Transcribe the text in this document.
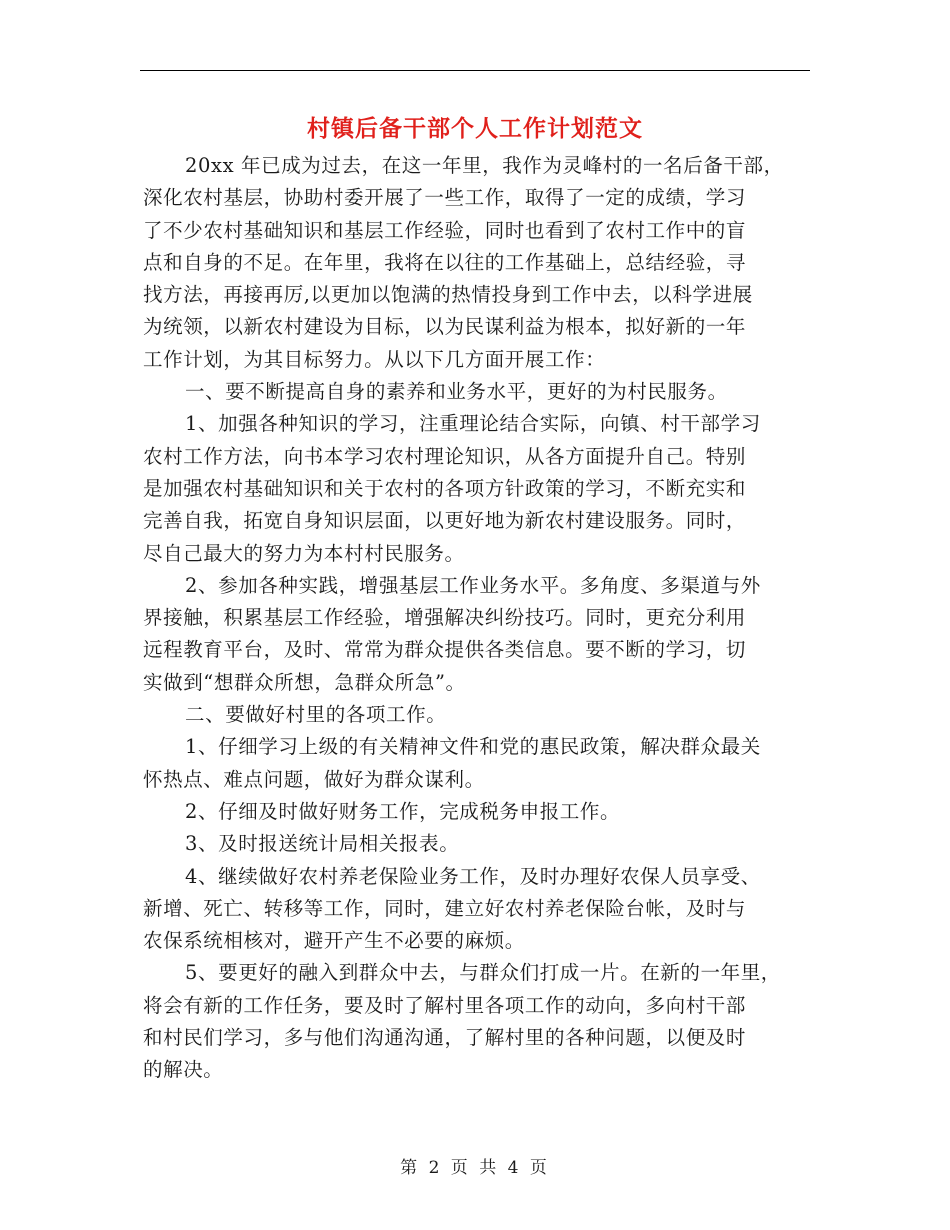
村镇后备干部个人工作计划范文

20xx 年已成为过去，在这一年里，我作为灵峰村的一名后备干部，

深化农村基层，协助村委开展了一些工作，取得了一定的成绩，学习

了不少农村基础知识和基层工作经验，同时也看到了农村工作中的盲

点和自身的不足。在年里，我将在以往的工作基础上，总结经验，寻

找方法，再接再厉,以更加以饱满的热情投身到工作中去，以科学进展

为统领，以新农村建设为目标，以为民谋利益为根本，拟好新的一年

工作计划，为其目标努力。从以下几方面开展工作：

一、要不断提高自身的素养和业务水平，更好的为村民服务。

1、加强各种知识的学习，注重理论结合实际，向镇、村干部学习

农村工作方法，向书本学习农村理论知识，从各方面提升自己。特别

是加强农村基础知识和关于农村的各项方针政策的学习，不断充实和

完善自我，拓宽自身知识层面，以更好地为新农村建设服务。同时，

尽自己最大的努力为本村村民服务。

2、参加各种实践，增强基层工作业务水平。多角度、多渠道与外

界接触，积累基层工作经验，增强解决纠纷技巧。同时，更充分利用

远程教育平台，及时、常常为群众提供各类信息。要不断的学习，切

实做到“想群众所想，急群众所急”。

二、要做好村里的各项工作。

1、仔细学习上级的有关精神文件和党的惠民政策，解决群众最关

怀热点、难点问题，做好为群众谋利。

2、仔细及时做好财务工作，完成税务申报工作。

3、及时报送统计局相关报表。

4、继续做好农村养老保险业务工作，及时办理好农保人员享受、

新增、死亡、转移等工作，同时，建立好农村养老保险台帐，及时与

农保系统相核对，避开产生不必要的麻烦。

5、要更好的融入到群众中去，与群众们打成一片。在新的一年里，

将会有新的工作任务，要及时了解村里各项工作的动向，多向村干部

和村民们学习，多与他们沟通沟通，了解村里的各种问题，以便及时

的解决。

第 2 页 共 4 页
